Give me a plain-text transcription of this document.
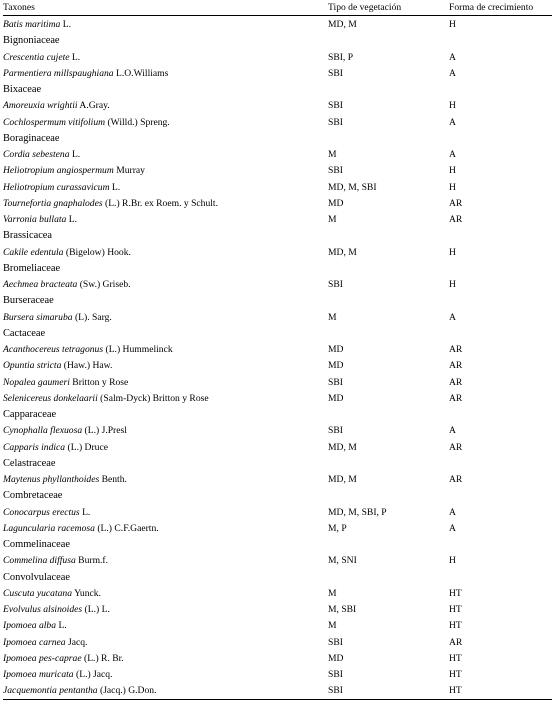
Taxones	Tipo de vegetación	Forma de crecimiento
Batis maritima L.	MD, M	H
Bignoniaceae
Crescentia cujete L.	SBI, P	A
Parmentiera millspaughiana L.O.Williams	SBI	A
Bixaceae
Amoreuxia wrightii A.Gray.	SBI	H
Cochlospermum vitifolium (Willd.) Spreng.	SBI	A
Boraginaceae
Cordia sebestena L.	M	A
Heliotropium angiospermum Murray	SBI	H
Heliotropium curassavicum L.	MD, M, SBI	H
Tournefortia gnaphalodes (L.) R.Br. ex Roem. y Schult.	MD	AR
Varronia bullata L.	M	AR
Brassicacea
Cakile edentula (Bigelow) Hook.	MD, M	H
Bromeliaceae
Aechmea bracteata (Sw.) Griseb.	SBI	H
Burseraceae
Bursera simaruba (L). Sarg.	M	A
Cactaceae
Acanthocereus tetragonus (L.) Hummelinck	MD	AR
Opuntia stricta (Haw.) Haw.	MD	AR
Nopalea gaumeri Britton y Rose	SBI	AR
Selenicereus donkelaarii (Salm-Dyck) Britton y Rose	MD	AR
Capparaceae
Cynophalla flexuosa (L.) J.Presl	SBI	A
Capparis indica (L.) Druce	MD, M	AR
Celastraceae
Maytenus phyllanthoides Benth.	MD, M	AR
Combretaceae
Conocarpus erectus L.	MD, M, SBI, P	A
Laguncularia racemosa (L.) C.F.Gaertn.	M, P	A
Commelinaceae
Commelina diffusa Burm.f.	M, SNI	H
Convolvulaceae
Cuscuta yucatana Yunck.	M	HT
Evolvulus alsinoides (L.) L.	M, SBI	HT
Ipomoea alba L.	M	HT
Ipomoea carnea Jacq.	SBI	AR
Ipomoea pes-caprae (L.) R. Br.	MD	HT
Ipomoea muricata (L.) Jacq.	SBI	HT
Jacquemontia pentantha (Jacq.) G.Don.	SBI	HT
